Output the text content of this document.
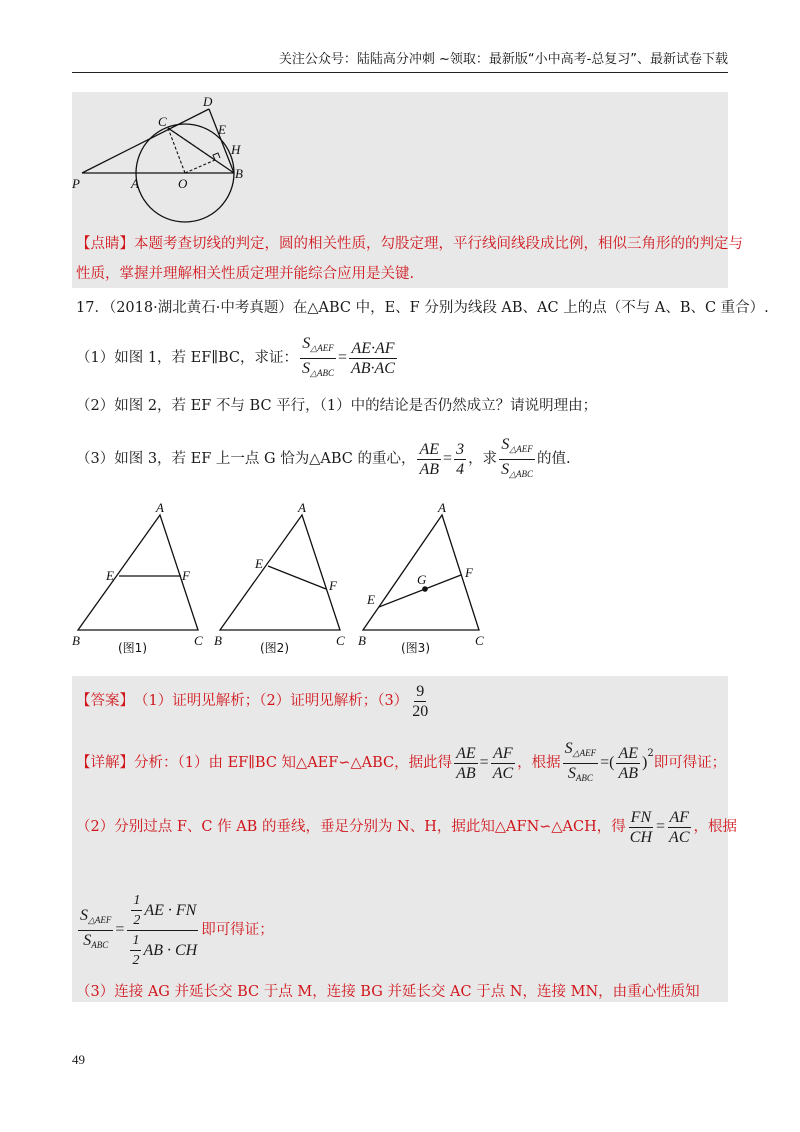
关注公众号：陆陆高分冲刺 ~领取：最新版“小中高考-总复习”、最新试卷下载
D
C
E
H
P	A	O
B
【点睛】本题考查切线的判定，圆的相关性质，勾股定理，平行线间线段成比例，相似三角形的的判定与
性质，掌握并理解相关性质定理并能综合应用是关键.
17．（2018·湖北黄石·中考真题）在△ABC 中，E、F 分别为线段 AB、AC 上的点（不与 A、B、C 重合）.
（1）如图 1，若 EF∥BC，求证： $\frac{S_{\triangle AEF}}{S_{\triangle ABC}} = \frac{AE\cdot AF}{AB\cdot AC}$
（2）如图 2，若 EF 不与 BC 平行，（1）中的结论是否仍然成立？请说明理由；
（3）如图 3，若 EF 上一点 G 恰为△ABC 的重心， $\frac{AE}{AB} = \frac{3}{4}$ ，求 $\frac{S_{\triangle AEF}}{S_{\triangle ABC}}$ 的值.
A
E	F
B	C
(图1)
A
E
F
B	C
(图2)
A
G	F
E
B	C
(图3)
【答案】 （1）证明见解析；（2）证明见解析；$(3) \frac{9}{20}$
【详解】 分析：（1）由 EF∥BC 知△AEF∽△ABC，据此得 $\frac{AE}{AB} = \frac{AF}{AC}$ ，根据 $\frac{S_{\triangle AEF}}{S_{ABC}}$ =( $\frac{AE}{AB}$ )
$^2$
即可得证；
（2）分别过点 F、C 作 AB 的垂线，垂足分别为 N、H，据此知△AFN∽△ACH，得 $\frac{FN}{CH} = \frac{AF}{AC}$ ，根据
$\frac{S_{\triangle AEF}}{S_{ABC}} = \frac{\frac{1}{2} AE \cdot FN}{\frac{1}{2} AB \cdot CH}$ 即可得证；
（3）连接 AG 并延长交 BC 于点 M，连接 BG 并延长交 AC 于点 N，连接 MN，由重心性质知
49
